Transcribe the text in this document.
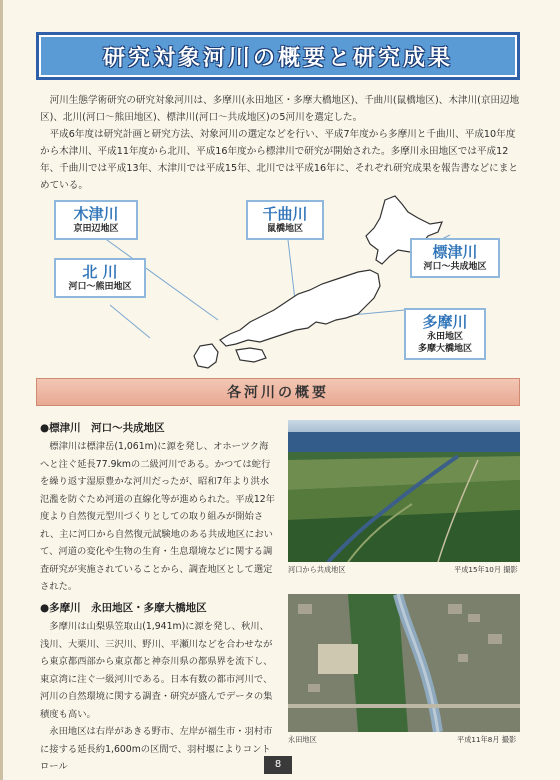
研究対象河川の概要と研究成果

河川生態学術研究の研究対象河川は、多摩川(永田地区・多摩大橋地区)、千曲川(鼠橋地区)、木津川(京田辺地区)、北川(河口〜熊田地区)、標津川(河口〜共成地区)の5河川を選定した。

平成6年度は研究計画と研究方法、対象河川の選定などを行い、平成7年度から多摩川と千曲川、平成10年度から木津川、平成11年度から北川、平成16年度から標津川で研究が開始された。多摩川永田地区では平成12年、千曲川では平成13年、木津川では平成15年、北川では平成16年に、それぞれ研究成果を報告書などにまとめている。

木津川
京田辺地区
千曲川
鼠橋地区
北 川
河口〜熊田地区
標津川
河口〜共成地区
多摩川
永田地区
多摩大橋地区
各河川の概要
●標津川　河口〜共成地区

標津川は標津岳(1,061m)に源を発し、オホーツク海へと注ぐ延長77.9kmの二級河川である。かつては蛇行を繰り返す湿原豊かな河川だったが、昭和7年より洪水氾濫を防ぐため河道の直線化等が進められた。平成12年度より自然復元型川づくりとしての取り組みが開始され、主に河口から自然復元試験地のある共成地区において、河道の変化や生物の生育・生息環境などに関する調査研究が実施されていることから、調査地区として選定された。

河口から共成地区	平成15年10月 撮影
●多摩川　永田地区・多摩大橋地区

多摩川は山梨県笠取山(1,941m)に源を発し、秋川、浅川、大栗川、三沢川、野川、平瀬川などを合わせながら東京都西部から東京都と神奈川県の都県界を流下し、東京湾に注ぐ一級河川である。日本有数の都市河川で、河川の自然環境に関する調査・研究が盛んでデータの集積度も高い。

永田地区は右岸があきる野市、左岸が福生市・羽村市に接する延長約1,600mの区間で、羽村堰によりコントロール

永田地区	平成11年8月 撮影
8
